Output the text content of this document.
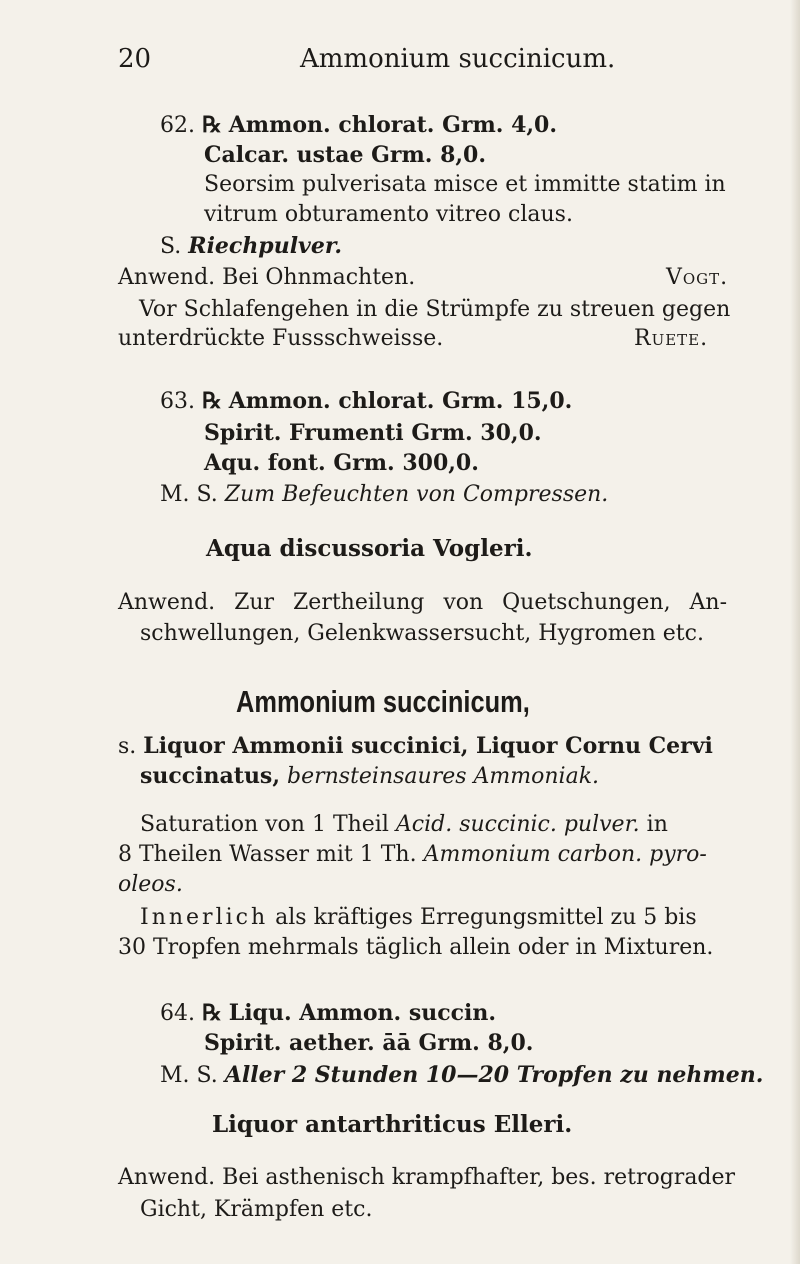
20	Ammonium succinicum.
62. ℞ Ammon. chlorat. Grm. 4,0.
Calcar. ustae Grm. 8,0.
Seorsim pulverisata misce et immitte statim in
vitrum obturamento vitreo claus.
S. Riechpulver.
Anwend. Bei Ohnmachten.	Vogt.
Vor Schlafengehen in die Strümpfe zu streuen gegen
unterdrückte Fussschweisse.	Ruete.
63. ℞ Ammon. chlorat. Grm. 15,0.
Spirit. Frumenti Grm. 30,0.
Aqu. font. Grm. 300,0.
M. S. Zum Befeuchten von Compressen.
Aqua discussoria Vogleri.
Anwend. Zur Zertheilung von Quetschungen, An-
schwellungen, Gelenkwassersucht, Hygromen etc.
Ammonium succinicum,
s. Liquor Ammonii succinici, Liquor Cornu Cervi
succinatus, bernsteinsaures Ammoniak.
Saturation von 1 Theil Acid. succinic. pulver. in
8 Theilen Wasser mit 1 Th. Ammonium carbon. pyro-
oleos.
Innerlich als kräftiges Erregungsmittel zu 5 bis
30 Tropfen mehrmals täglich allein oder in Mixturen.
64. ℞ Liqu. Ammon. succin.
Spirit. aether. āā Grm. 8,0.
M. S. Aller 2 Stunden 10—20 Tropfen zu nehmen.
Liquor antarthriticus Elleri.
Anwend. Bei asthenisch krampfhafter, bes. retrograder
Gicht, Krämpfen etc.
